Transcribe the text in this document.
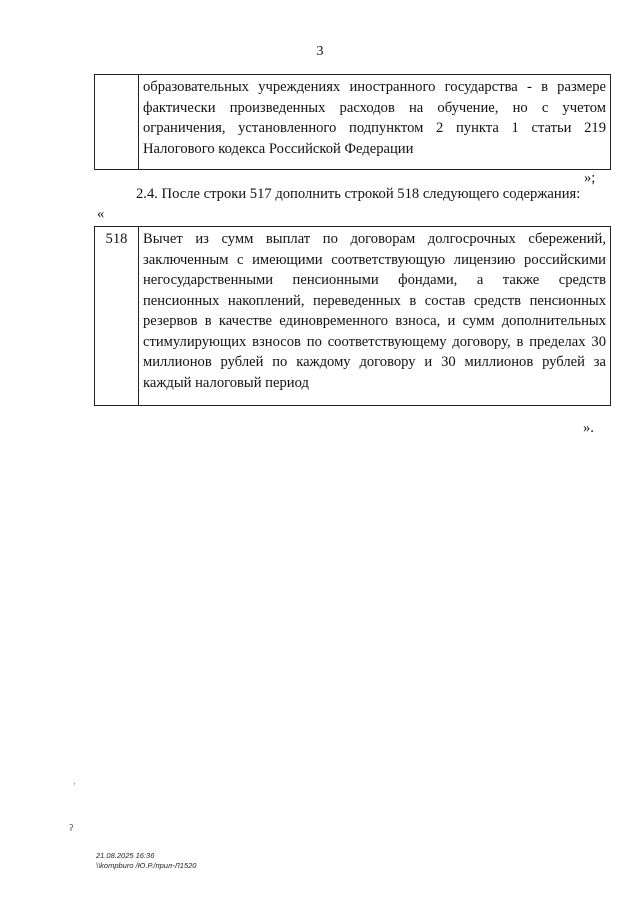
3
	образовательных учреждениях иностранного государства - в размере фактически произведенных расходов на обучение, но с учетом ограничения, установленного подпунктом 2 пункта 1 статьи 219 Налогового кодекса Российской Федерации
»;
2.4. После строки 517 дополнить строкой 518 следующего содержания:
«
518	Вычет из сумм выплат по договорам долгосрочных сбережений, заключенным с имеющими соответствующую лицензию российскими негосударственными пенсионными фондами, а также средств пенсионных накоплений, переведенных в состав средств пенсионных резервов в качестве единовременного взноса, и сумм дополнительных стимулирующих взносов по соответствующему договору, в пределах 30 миллионов рублей по каждому договору и 30 миллионов рублей за каждый налоговый период
».
ʔ
·
21.08.2025 16:36
\\kompburo /Ю.Р./прил-Л1520
